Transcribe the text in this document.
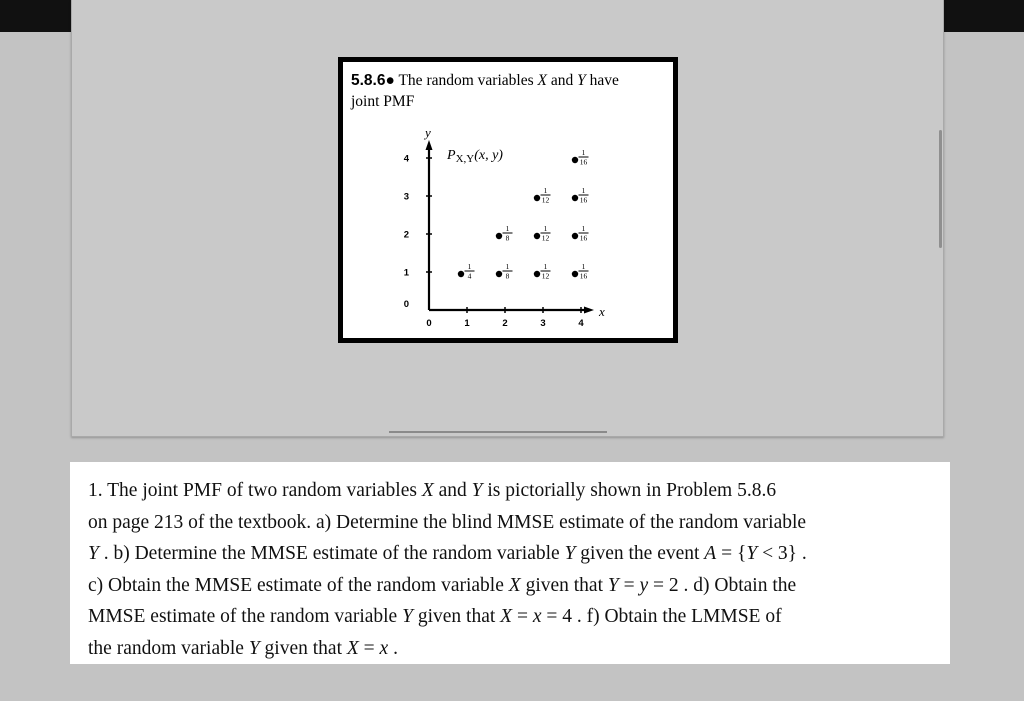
5.8.6● The random variables X and Y have
joint PMF
y
x
$P_{X,Y}(x$, y)
0	1	2	3	4
0
1
2
3
4
1
4
1
8
1
8
1
12
1
12
1
12
1
16
1
16
1
16
1
16

1. The joint PMF of two random variables X and Y is pictorially shown in Problem 5.8.6

on page 213 of the textbook. a) Determine the blind MMSE estimate of the random variable

Y . b) Determine the MMSE estimate of the random variable Y given the event A = {Y < 3} .

c) Obtain the MMSE estimate of the random variable X given that Y = y = 2 . d) Obtain the

MMSE estimate of the random variable Y given that X = x = 4 . f) Obtain the LMMSE of

the random variable Y given that X = x .
